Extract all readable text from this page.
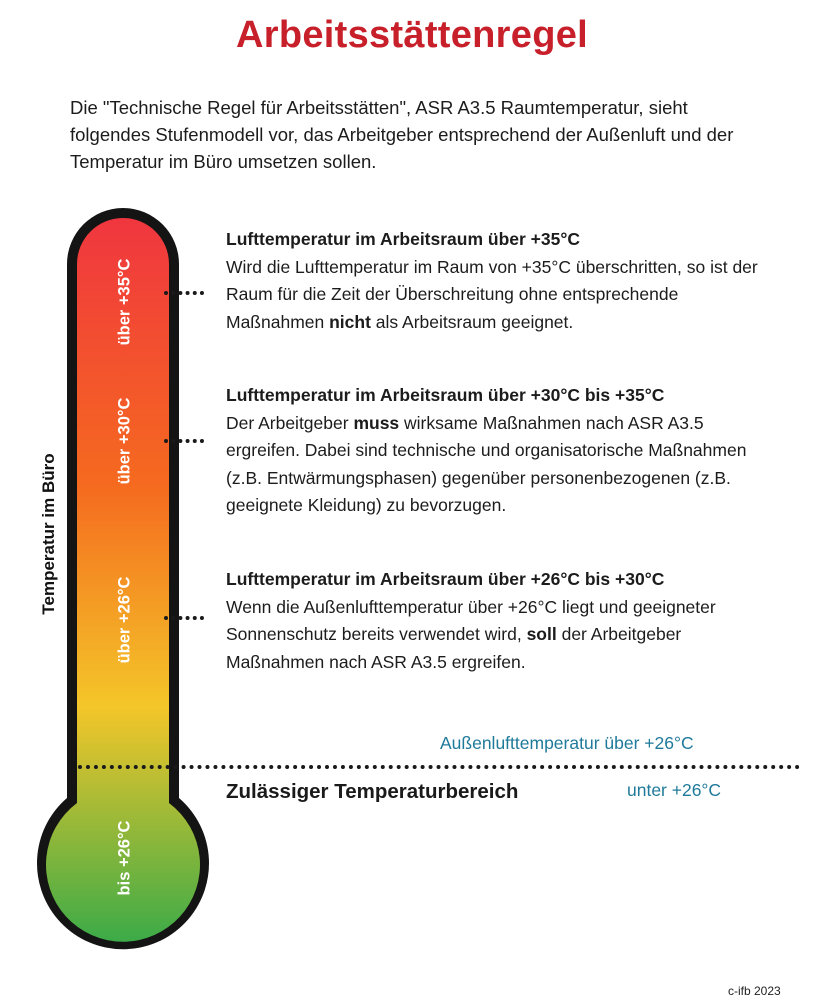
Arbeitsstättenregel
Die "Technische Regel für Arbeitsstätten", ASR A3.5 Raumtemperatur, sieht folgendes Stufenmodell vor, das Arbeitgeber entsprechend der Außenluft und der Temperatur im Büro umsetzen sollen.
über +35°C
über +30°C
über +26°C
bis +26°C
Temperatur im Büro
Lufttemperatur im Arbeitsraum über +35°C
Wird die Lufttemperatur im Raum von +35°C überschritten, so ist der Raum für die Zeit der Überschreitung ohne entsprechende Maßnahmen nicht als Arbeitsraum geeignet.
Lufttemperatur im Arbeitsraum über +30°C bis +35°C
Der Arbeitgeber muss wirksame Maßnahmen nach ASR A3.5 ergreifen. Dabei sind technische und organisatorische Maßnahmen (z.B. Entwärmungsphasen) gegenüber personenbezogenen (z.B. geeignete Kleidung) zu bevorzugen.
Lufttemperatur im Arbeitsraum über +26°C bis +30°C
Wenn die Außenlufttemperatur über +26°C liegt und geeigneter Sonnenschutz bereits verwendet wird, soll der Arbeitgeber Maßnahmen nach ASR A3.5 ergreifen.
Außenlufttemperatur über +26°C
Zulässiger Temperaturbereich	unter +26°C
c-ifb 2023
